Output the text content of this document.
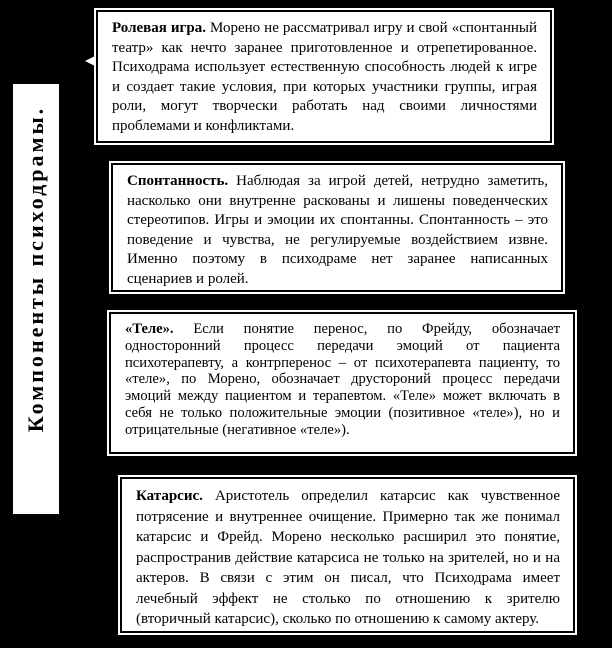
Компоненты психодрамы.

Ролевая игра. Морено не рассматривал игру и свой «спонтанный театр» как нечто заранее приготовленное и отрепетированное. Психодрама использует естественную способность людей к игре и создает такие условия, при которых участники группы, играя роли, могут творчески работать над своими личностями проблемами и конфликтами.

Спонтанность. Наблюдая за игрой детей, нетрудно заметить, насколько они внутренне раскованы и лишены поведенческих стереотипов. Игры и эмоции их спонтанны. Спонтанность – это поведение и чувства, не регулируемые воздействием извне. Именно поэтому в психодраме нет заранее написанных сценариев и ролей.

«Теле». Если понятие перенос, по Фрейду, обозначает односторонний процесс передачи эмоций от пациента психотерапевту, а контрперенос – от психотерапевта пациенту, то «теле», по Морено, обозначает друстороний процесс передачи эмоций между пациентом и терапевтом. «Теле» может включать в себя не только положительные эмоции (позитивное «теле»), но и отрицательные (негативное «теле»).

Катарсис. Аристотель определил катарсис как чувственное потрясение и внутреннее очищение. Примерно так же понимал катарсис и Фрейд. Морено несколько расширил это понятие, распространив действие катарсиса не только на зрителей, но и на актеров. В связи с этим он писал, что Психодрама имеет лечебный эффект не столько по отношению к зрителю (вторичный катарсис), сколько по отношению к самому актеру.
